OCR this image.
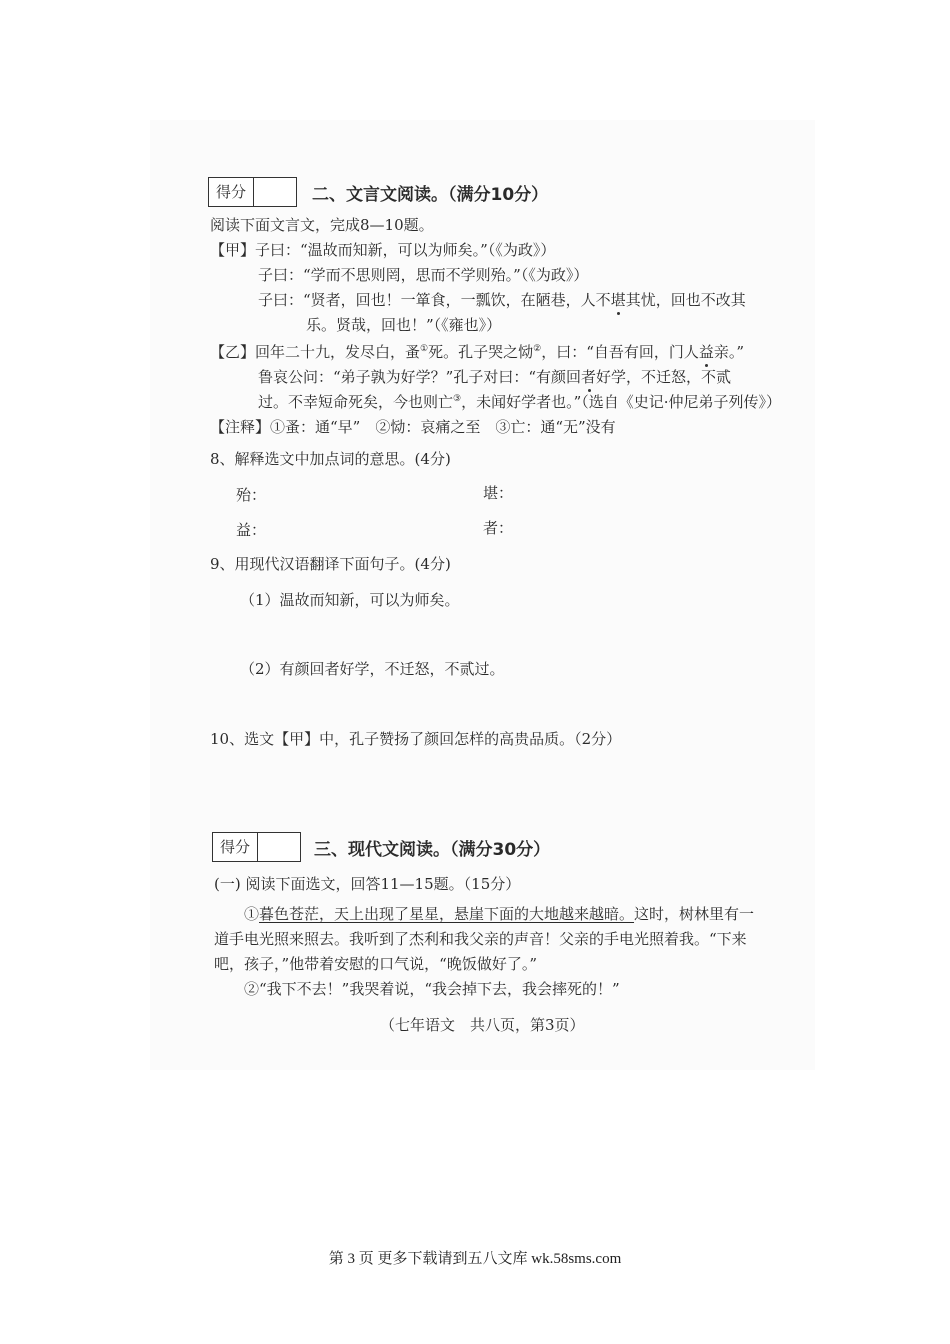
得分	二、文言文阅读。（满分10分）
阅读下面文言文，完成8—10题。
【甲】子曰：“温故而知新，可以为师矣。”（《为政》）
子曰：“学而不思则罔，思而不学则殆。”（《为政》）
子曰：“贤者，回也！一箪食，一瓢饮，在陋巷，人不堪其忧，回也不改其
乐。贤哉，回也！”（《雍也》）
【乙】回年二十九，发尽白，蚤①死。孔子哭之恸②，曰：“自吾有回，门人益亲。”
鲁哀公问：“弟子孰为好学？”孔子对曰：“有颜回者好学，不迁怒，不贰
过。不幸短命死矣，今也则亡③，未闻好学者也。”（选自《史记·仲尼弟子列传》）
【注释】①蚤：通“早”　②恸：哀痛之至　③亡：通“无”没有
8、解释选文中加点词的意思。(4分)
殆：	堪：
益：	者：
9、用现代汉语翻译下面句子。(4分)
（1）温故而知新，可以为师矣。
（2）有颜回者好学，不迁怒，不贰过。
10、选文【甲】中，孔子赞扬了颜回怎样的高贵品质。（2分）
得分	三、现代文阅读。（满分30分）
(一) 阅读下面选文，回答11—15题。（15分）
①暮色苍茫，天上出现了星星，悬崖下面的大地越来越暗。这时，树林里有一
道手电光照来照去。我听到了杰利和我父亲的声音！父亲的手电光照着我。“下来
吧，孩子，”他带着安慰的口气说，“晚饭做好了。”
②“我下不去！”我哭着说，“我会掉下去，我会摔死的！”
（七年语文　共八页，第3页）
第 3 页 更多下载请到五八文库 wk.58sms.com
